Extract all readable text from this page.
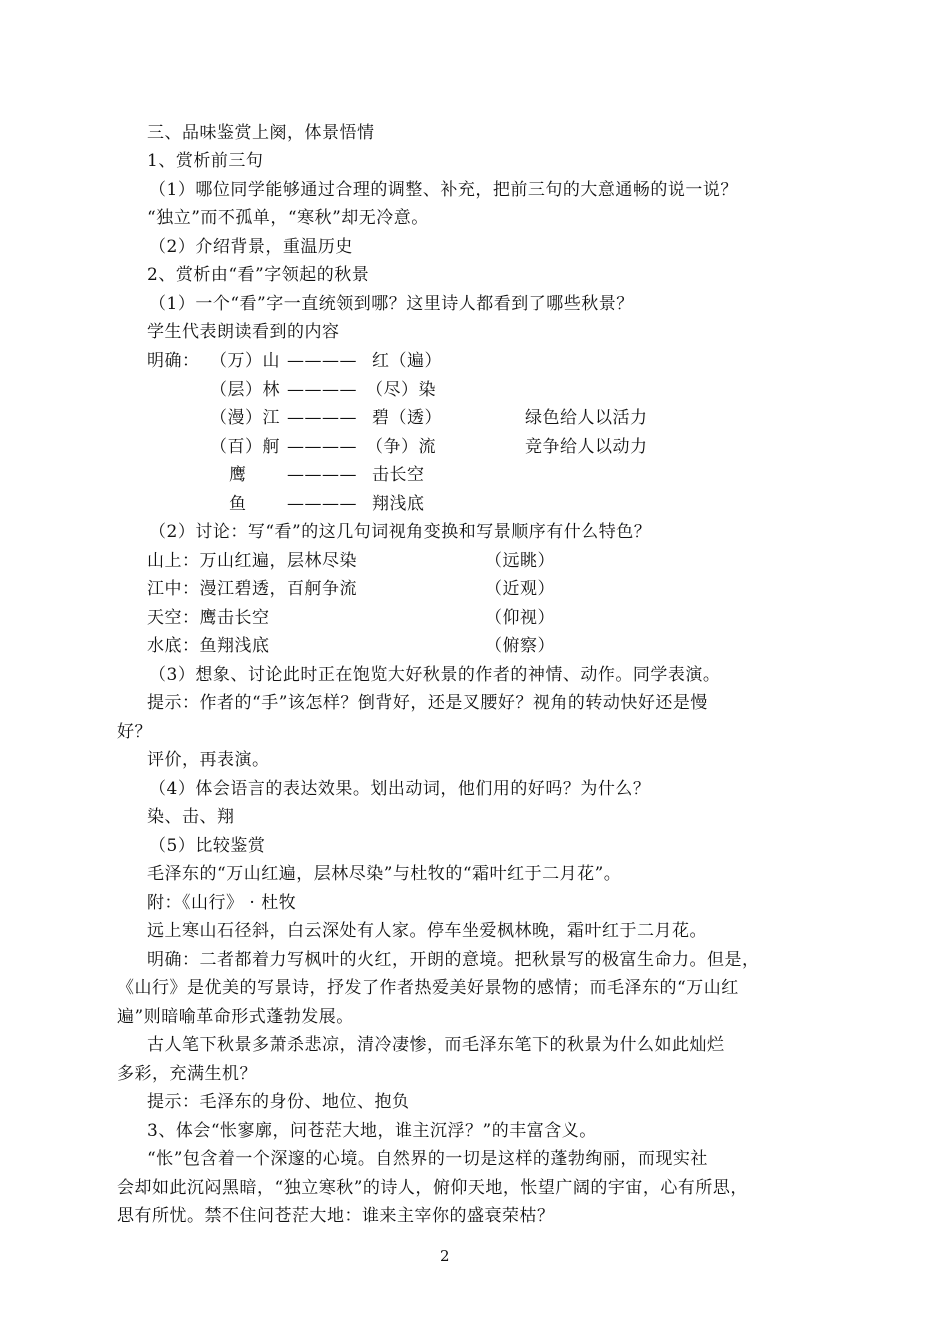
三、品味鉴赏上阕，体景悟情
1、赏析前三句
（1）哪位同学能够通过合理的调整、补充，把前三句的大意通畅的说一说？
“独立”而不孤单，“寒秋”却无冷意。
（2）介绍背景，重温历史
2、赏析由“看”字领起的秋景
（1）一个“看”字一直统领到哪？这里诗人都看到了哪些秋景？
学生代表朗读看到的内容
明确： （万）山 ———— 红（遍）
（层）林 ———— （尽）染
（漫）江 ———— 碧（透）	绿色给人以活力
（百）舸 ———— （争）流	竞争给人以动力
鹰 ———— 击长空
鱼 ———— 翔浅底
（2）讨论：写“看”的这几句词视角变换和写景顺序有什么特色？
山上：万山红遍，层林尽染	（远眺）
江中：漫江碧透，百舸争流	（近观）
天空：鹰击长空	（仰视）
水底：鱼翔浅底	（俯察）
（3）想象、讨论此时正在饱览大好秋景的作者的神情、动作。同学表演。
提示：作者的“手”该怎样？倒背好，还是叉腰好？视角的转动快好还是慢
好？
评价，再表演。
（4）体会语言的表达效果。划出动词，他们用的好吗？为什么？
染、击、翔
（5）比较鉴赏
毛泽东的“万山红遍，层林尽染”与杜牧的“霜叶红于二月花”。
附：《山行》 · 杜牧
远上寒山石径斜，白云深处有人家。停车坐爱枫林晚，霜叶红于二月花。
明确：二者都着力写枫叶的火红，开朗的意境。把秋景写的极富生命力。但是，
《山行》是优美的写景诗，抒发了作者热爱美好景物的感情；而毛泽东的“万山红
遍”则暗喻革命形式蓬勃发展。
古人笔下秋景多萧杀悲凉，清冷凄惨，而毛泽东笔下的秋景为什么如此灿烂
多彩，充满生机？
提示：毛泽东的身份、地位、抱负
3、体会“怅寥廓，问苍茫大地，谁主沉浮？”的丰富含义。
“怅”包含着一个深邃的心境。自然界的一切是这样的蓬勃绚丽，而现实社
会却如此沉闷黑暗，“独立寒秋”的诗人，俯仰天地，怅望广阔的宇宙，心有所思，
思有所忧。禁不住问苍茫大地：谁来主宰你的盛衰荣枯？
2
